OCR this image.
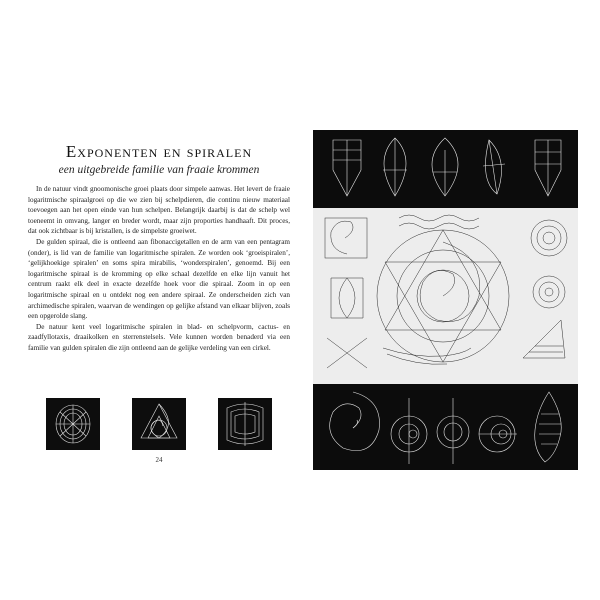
Exponenten en spiralen
een uitgebreide familie van fraaie krommen

In de natuur vindt gnoomonische groei plaats door simpele aanwas. Het levert de fraaie logaritmische spiraalgroei op die we zien bij schelpdieren, die continu nieuw materiaal toevoegen aan het open einde van hun schelpen. Belangrijk daarbij is dat de schelp wel toeneemt in omvang, langer en breder wordt, maar zijn proporties handhaaft. Dit proces, dat ook zichtbaar is bij kristallen, is de simpelste groeiwet.

De gulden spiraal, die is ontleend aan fibonaccigetallen en de arm van een pentagram (onder), is lid van de familie van logaritmische spiralen. Ze worden ook ‘groeispiralen’, ‘gelijkhoekige spiralen’ en soms spira mirabilis, ‘wonderspiralen’, genoemd. Bij een logaritmische spiraal is de kromming op elke schaal dezelfde en elke lijn vanuit het centrum raakt elk deel in exacte dezelfde hoek voor die spiraal. Zoom in op een logaritmische spiraal en u ontdekt nog een andere spiraal. Ze onderscheiden zich van archimedische spiralen, waarvan de wendingen op gelijke afstand van elkaar blijven, zoals een opgerolde slang.

De natuur kent veel logaritmische spiralen in blad- en schelpvorm, cactus- en zaadfyllotaxis, draaikolken en sterrenstelsels. Vele kunnen worden benaderd via een familie van gulden spiralen die zijn ontleend aan de gelijke verdeling van een cirkel.

24
